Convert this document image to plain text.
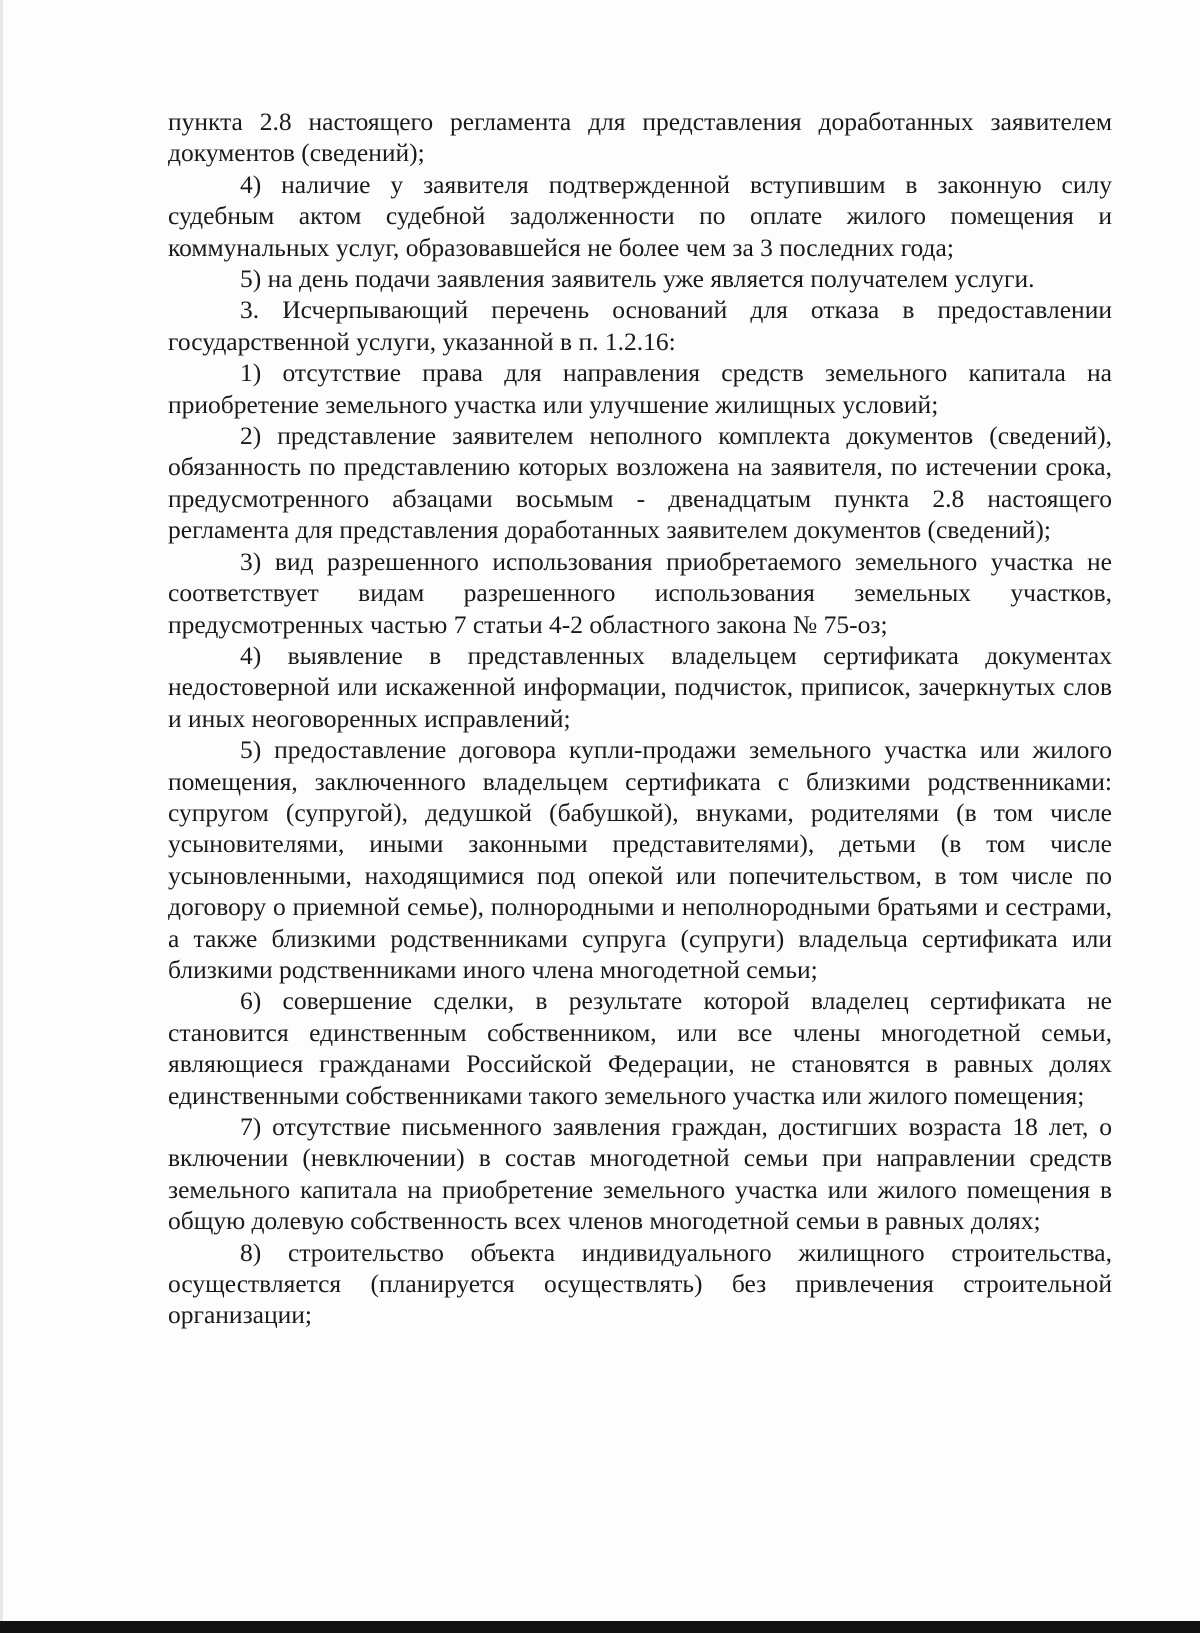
пункта 2.8 настоящего регламента для представления доработанных заявителем документов (сведений);

4) наличие у заявителя подтвержденной вступившим в законную силу судебным актом судебной задолженности по оплате жилого помещения и коммунальных услуг, образовавшейся не более чем за 3 последних года;

5) на день подачи заявления заявитель уже является получателем услуги.

3. Исчерпывающий перечень оснований для отказа в предоставлении государственной услуги, указанной в п. 1.2.16:

1) отсутствие права для направления средств земельного капитала на приобретение земельного участка или улучшение жилищных условий;

2) представление заявителем неполного комплекта документов (сведений), обязанность по представлению которых возложена на заявителя, по истечении срока, предусмотренного абзацами восьмым - двенадцатым пункта 2.8 настоящего регламента для представления доработанных заявителем документов (сведений);

3) вид разрешенного использования приобретаемого земельного участка не соответствует видам разрешенного использования земельных участков, предусмотренных частью 7 статьи 4-2 областного закона № 75-оз;

4) выявление в представленных владельцем сертификата документах недостоверной или искаженной информации, подчисток, приписок, зачеркнутых слов и иных неоговоренных исправлений;

5) предоставление договора купли-продажи земельного участка или жилого помещения, заключенного владельцем сертификата с близкими родственниками: супругом (супругой), дедушкой (бабушкой), внуками, родителями (в том числе усыновителями, иными законными представителями), детьми (в том числе усыновленными, находящимися под опекой или попечительством, в том числе по договору о приемной семье), полнородными и неполнородными братьями и сестрами, а также близкими родственниками супруга (супруги) владельца сертификата или близкими родственниками иного члена многодетной семьи;

6) совершение сделки, в результате которой владелец сертификата не становится единственным собственником, или все члены многодетной семьи, являющиеся гражданами Российской Федерации, не становятся в равных долях единственными собственниками такого земельного участка или жилого помещения;

7) отсутствие письменного заявления граждан, достигших возраста 18 лет, о включении (невключении) в состав многодетной семьи при направлении средств земельного капитала на приобретение земельного участка или жилого помещения в общую долевую собственность всех членов многодетной семьи в равных долях;

8) строительство объекта индивидуального жилищного строительства, осуществляется (планируется осуществлять) без привлечения строительной организации;
